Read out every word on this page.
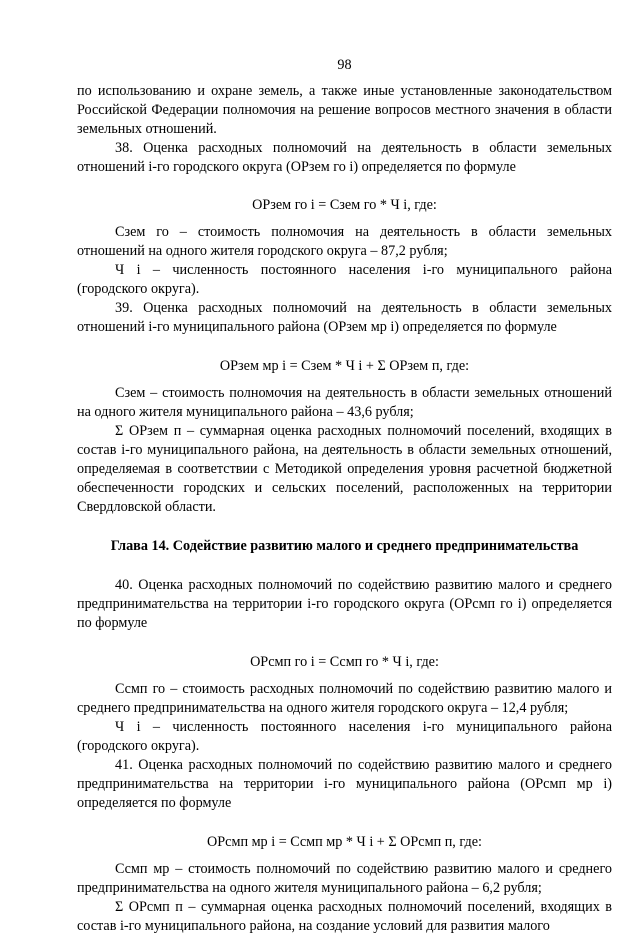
98

по использованию и охране земель, а также иные установленные законодательством Российской Федерации полномочия на решение вопросов местного значения в области земельных отношений.

38. Оценка расходных полномочий на деятельность в области земельных отношений i-го городского округа (ОРзем го i) определяется по формуле

ОРзем го i = Сзем го * Ч i, где:

Сзем го – стоимость полномочия на деятельность в области земельных отношений на одного жителя городского округа – 87,2 рубля;

Ч i – численность постоянного населения i-го муниципального района (городского округа).

39. Оценка расходных полномочий на деятельность в области земельных отношений i-го муниципального района (ОРзем мр i) определяется по формуле

ОРзем мр i = Сзем * Ч i + Σ ОРзем п, где:

Сзем – стоимость полномочия на деятельность в области земельных отношений на одного жителя муниципального района – 43,6 рубля;

Σ ОРзем п – суммарная оценка расходных полномочий поселений, входящих в состав i-го муниципального района, на деятельность в области земельных отношений, определяемая в соответствии с Методикой определения уровня расчетной бюджетной обеспеченности городских и сельских поселений, расположенных на территории Свердловской области.

Глава 14. Содействие развитию малого и среднего предпринимательства

40. Оценка расходных полномочий по содействию развитию малого и среднего предпринимательства на территории i-го городского округа (ОРсмп го i) определяется по формуле

ОРсмп го i = Ссмп го * Ч i, где:

Ссмп го – стоимость расходных полномочий по содействию развитию малого и среднего предпринимательства на одного жителя городского округа – 12,4 рубля;

Ч i – численность постоянного населения i-го муниципального района (городского округа).

41. Оценка расходных полномочий по содействию развитию малого и среднего предпринимательства на территории i-го муниципального района (ОРсмп мр i) определяется по формуле

ОРсмп мр i = Ссмп мр * Ч i + Σ ОРсмп п, где:

Ссмп мр – стоимость полномочий по содействию развитию малого и среднего предпринимательства на одного жителя муниципального района – 6,2 рубля;

Σ ОРсмп п – суммарная оценка расходных полномочий поселений, входящих в состав i-го муниципального района, на создание условий для развития малого
